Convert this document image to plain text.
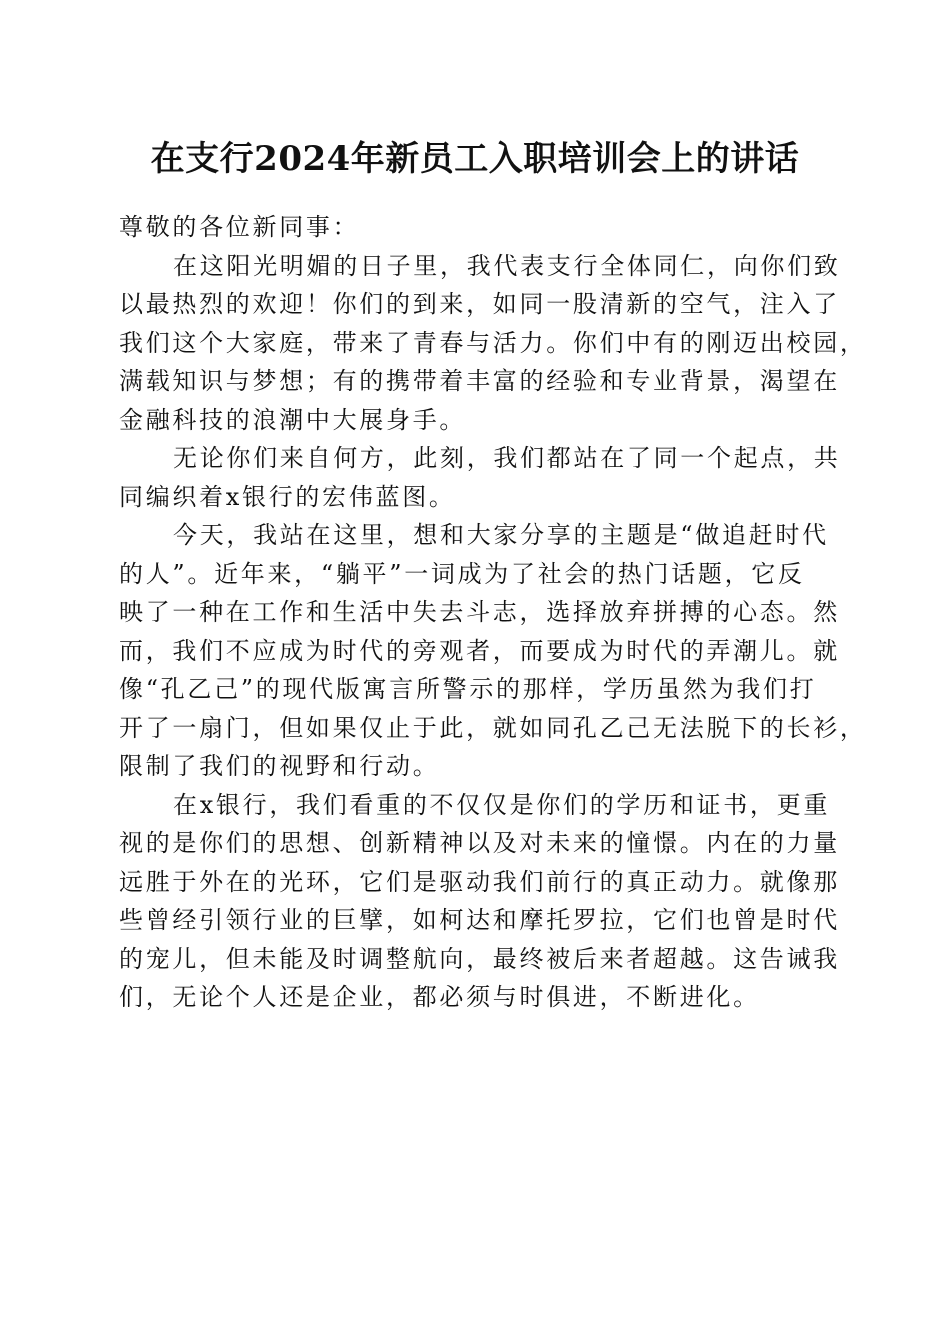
在支行2024年新员工入职培训会上的讲话
尊敬的各位新同事：
在这阳光明媚的日子里，我代表支行全体同仁，向你们致
以最热烈的欢迎！你们的到来，如同一股清新的空气，注入了
我们这个大家庭，带来了青春与活力。你们中有的刚迈出校园，
满载知识与梦想；有的携带着丰富的经验和专业背景，渴望在
金融科技的浪潮中大展身手。
无论你们来自何方，此刻，我们都站在了同一个起点，共
同编织着x银行的宏伟蓝图。
今天，我站在这里，想和大家分享的主题是“做追赶时代
的人”。近年来，“躺平”一词成为了社会的热门话题，它反
映了一种在工作和生活中失去斗志，选择放弃拼搏的心态。然
而，我们不应成为时代的旁观者，而要成为时代的弄潮儿。就
像“孔乙己”的现代版寓言所警示的那样，学历虽然为我们打
开了一扇门，但如果仅止于此，就如同孔乙己无法脱下的长衫，
限制了我们的视野和行动。
在x银行，我们看重的不仅仅是你们的学历和证书，更重
视的是你们的思想、创新精神以及对未来的憧憬。内在的力量
远胜于外在的光环，它们是驱动我们前行的真正动力。就像那
些曾经引领行业的巨擘，如柯达和摩托罗拉，它们也曾是时代
的宠儿，但未能及时调整航向，最终被后来者超越。这告诫我
们，无论个人还是企业，都必须与时俱进，不断进化。
